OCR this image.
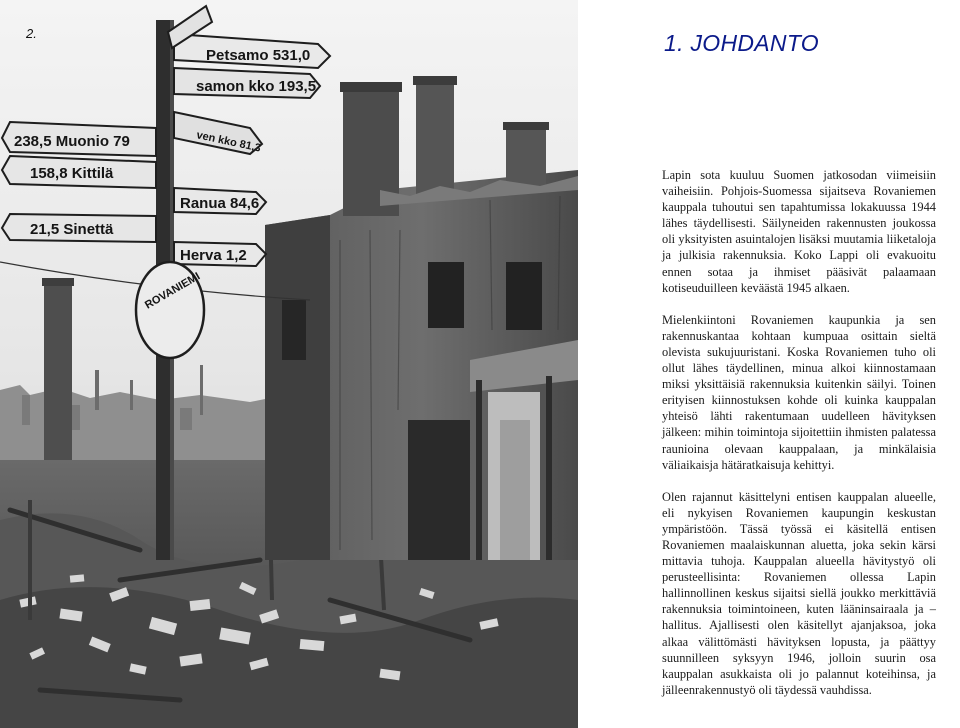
Petsamo 531,0
samon kko 193,5
238,5 Muonio 79	ven kko 81,3
158,8 Kittilä
Ranua 84,6
21,5 Sinettä
Herva 1,2
ROVANIEMI
2.	1. JOHDANTO

Lapin sota kuuluu Suomen jatkosodan viimeisiin vaiheisiin. Pohjois-Suomessa sijaitseva Rovaniemen kauppala tuhoutui sen tapahtumissa lokakuussa 1944 lähes täydellisesti. Säilyneiden rakennusten joukossa oli yksityisten asuintalojen lisäksi muutamia liiketaloja ja julkisia rakennuksia. Koko Lappi oli evakuoitu ennen sotaa ja ihmiset pääsivät palaamaan kotiseuduilleen keväästä 1945 alkaen.

Mielenkiintoni Rovaniemen kaupunkia ja sen rakennuskantaa kohtaan kumpuaa osittain sieltä olevista sukujuuristani. Koska Rovaniemen tuho oli ollut lähes täydellinen, minua alkoi kiinnostamaan miksi yksittäisiä rakennuksia kuitenkin säilyi. Toinen erityisen kiinnostuksen kohde oli kuinka kauppalan yhteisö lähti rakentumaan uudelleen hävityksen jälkeen: mihin toimintoja sijoitettiin ihmisten palatessa raunioina olevaan kauppalaan, ja minkälaisia väliaikaisja hätäratkaisuja kehittyi.

Olen rajannut käsittelyni entisen kauppalan alueelle, eli nykyisen Rovaniemen kaupungin keskustan ympäristöön. Tässä työssä ei käsitellä entisen Rovaniemen maalaiskunnan aluetta, joka sekin kärsi mittavia tuhoja. Kauppalan alueella hävitystyö oli perusteellisinta: Rovaniemen ollessa Lapin hallinnollinen keskus sijaitsi siellä joukko merkittäviä rakennuksia toimintoineen, kuten lääninsairaala ja –hallitus. Ajallisesti olen käsitellyt ajanjaksoa, joka alkaa välittömästi hävityksen lopusta, ja päättyy suunnilleen syksyyn 1946, jolloin suurin osa kauppalan asukkaista oli jo palannut koteihinsa, ja jälleenrakennustyö oli täydessä vauhdissa.
